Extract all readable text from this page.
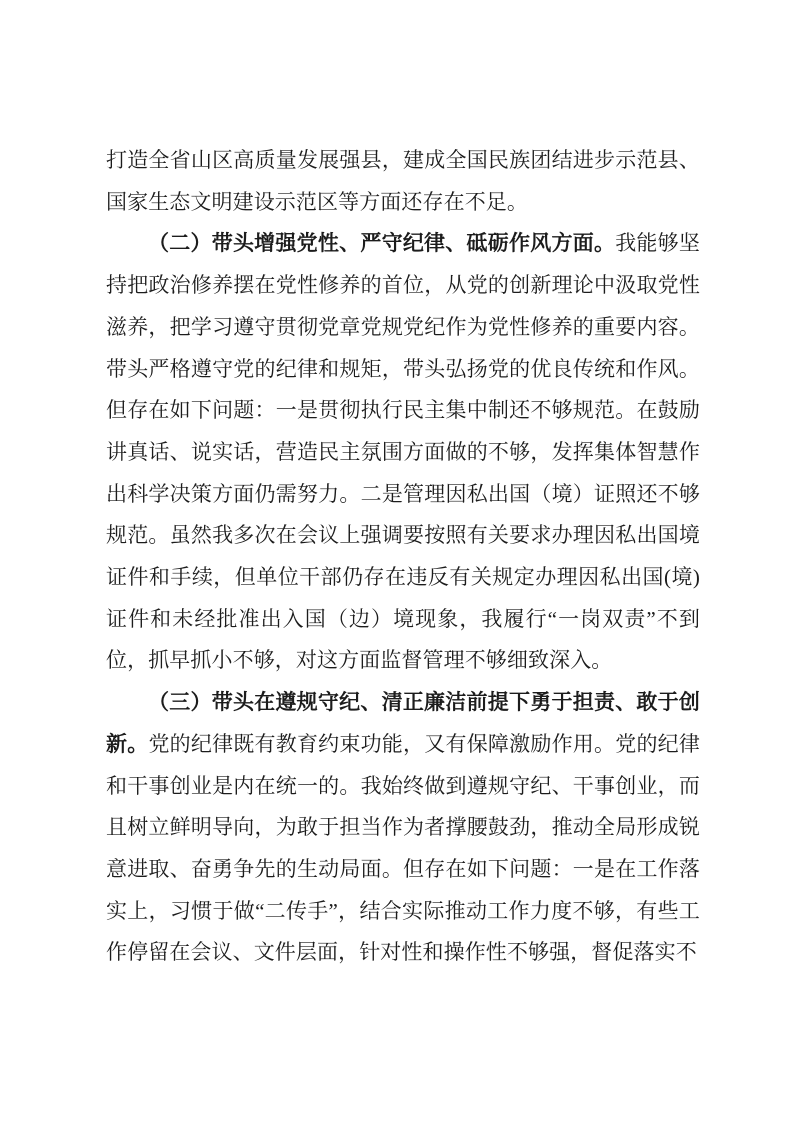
打造全省山区高质量发展强县，建成全国民族团结进步示范县、国家生态文明建设示范区等方面还存在不足。

（二）带头增强党性、严守纪律、砥砺作风方面。我能够坚持把政治修养摆在党性修养的首位，从党的创新理论中汲取党性滋养，把学习遵守贯彻党章党规党纪作为党性修养的重要内容。带头严格遵守党的纪律和规矩，带头弘扬党的优良传统和作风。但存在如下问题：一是贯彻执行民主集中制还不够规范。在鼓励讲真话、说实话，营造民主氛围方面做的不够，发挥集体智慧作出科学决策方面仍需努力。二是管理因私出国（境）证照还不够规范。虽然我多次在会议上强调要按照有关要求办理因私出国境证件和手续，但单位干部仍存在违反有关规定办理因私出国(境)证件和未经批准出入国（边）境现象，我履行“一岗双责”不到位，抓早抓小不够，对这方面监督管理不够细致深入。

（三）带头在遵规守纪、清正廉洁前提下勇于担责、敢于创新。党的纪律既有教育约束功能，又有保障激励作用。党的纪律和干事创业是内在统一的。我始终做到遵规守纪、干事创业，而且树立鲜明导向，为敢于担当作为者撑腰鼓劲，推动全局形成锐意进取、奋勇争先的生动局面。但存在如下问题：一是在工作落实上，习惯于做“二传手”，结合实际推动工作力度不够，有些工作停留在会议、文件层面，针对性和操作性不够强，督促落实不
